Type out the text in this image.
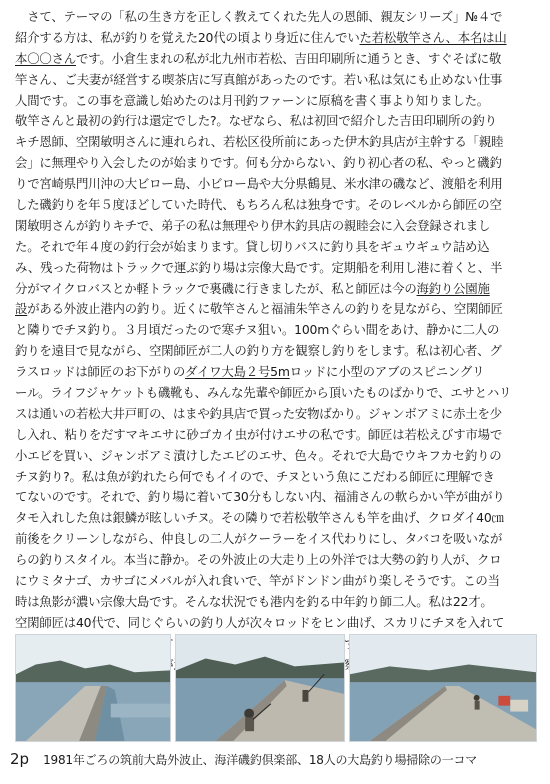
　さて、テーマの「私の生き方を正しく教えてくれた先人の恩師、親友シリーズ」№４で
紹介する方は、私が釣りを覚えた20代の頃より身近に住んでいた若松敬竿さん、本名は山
本〇〇さんです。小倉生まれの私が北九州市若松、吉田印刷所に通うとき、すぐそばに敬
竿さん、ご夫妻が経営する喫茶店に写真館があったのです。若い私は気にも止めない仕事
人間です。この事を意識し始めたのは月刊釣ファーンに原稿を書く事より知りました。
敬竿さんと最初の釣行は還定でした?。なぜなら、私は初回で紹介した吉田印刷所の釣り
キチ恩師、空閑敏明さんに連れられ、若松区役所前にあった伊木釣具店が主幹する「親睦
会」に無理やり入会したのが始まりです。何も分からない、釣り初心者の私、やっと磯釣
りで宮崎県門川沖の大ビロー島、小ビロー島や大分県鶴見、米水津の磯など、渡船を利用
した磯釣りを年５度ほどしていた時代、もちろん私は独身です。そのレベルから師匠の空
閑敏明さんが釣りキチで、弟子の私は無理やり伊木釣具店の親睦会に入会登録されまし
た。それで年４度の釣行会が始まります。貸し切りバスに釣り具をギュウギュウ詰め込
み、残った荷物はトラックで運ぶ釣り場は宗像大島です。定期船を利用し港に着くと、半
分がマイクロバスとか軽トラックで裏磯に行きましたが、私と師匠は今の海釣り公園施
設がある外波止港内の釣り。近くに敬竿さんと福浦朱竿さんの釣りを見ながら、空閑師匠
と隣りでチヌ釣り。３月頃だったので寒チヌ狙い。100mぐらい間をあけ、静かに二人の
釣りを遠目で見ながら、空閑師匠が二人の釣り方を観察し釣りをします。私は初心者、グ
ラスロッドは師匠のお下がりのダイワ大島２号5mロッドに小型のアブのスピニングリ
ール。ライフジャケットも磯靴も、みんな先輩や師匠から頂いたものばかりで、エサとハリ
スは通いの若松大井戸町の、はまや釣具店で買った安物ばかり。ジャンボアミに赤土を少
し入れ、粘りをだすマキエサに砂ゴカイ虫が付けエサの私です。師匠は若松えびす市場で
小エビを買い、ジャンボアミ漬けしたエビのエサ、色々。それで大島でウキフカセ釣りの
チヌ釣り?。私は魚が釣れたら何でもイイので、チヌという魚にこだわる師匠に理解でき
てないのです。それで、釣り場に着いて30分もしない内、福浦さんの軟らかい竿が曲がり
タモ入れした魚は銀鱗が眩しいチヌ。その隣りで若松敬竿さんも竿を曲げ、クロダイ40㎝
前後をクリーンしながら、仲良しの二人がクーラーをイス代わりにし、タバコを吸いなが
らの釣りスタイル。本当に静か。その外波止の大走り上の外洋では大勢の釣り人が、クロ
にウミタナゴ、カサゴにメバルが入れ食いで、竿がドンドン曲がり楽しそうです。この当
時は魚影が濃い宗像大島です。そんな状況でも港内を釣る中年釣り師二人。私は22才。
空閑師匠は40代で、同じぐらいの釣り人が次々ロッドをヒン曲げ、スカリにチヌを入れて
2p 1981年ごろの筑前大島外波止、海洋磯釣倶楽部、18人の大島釣り場掃除の一コマ
